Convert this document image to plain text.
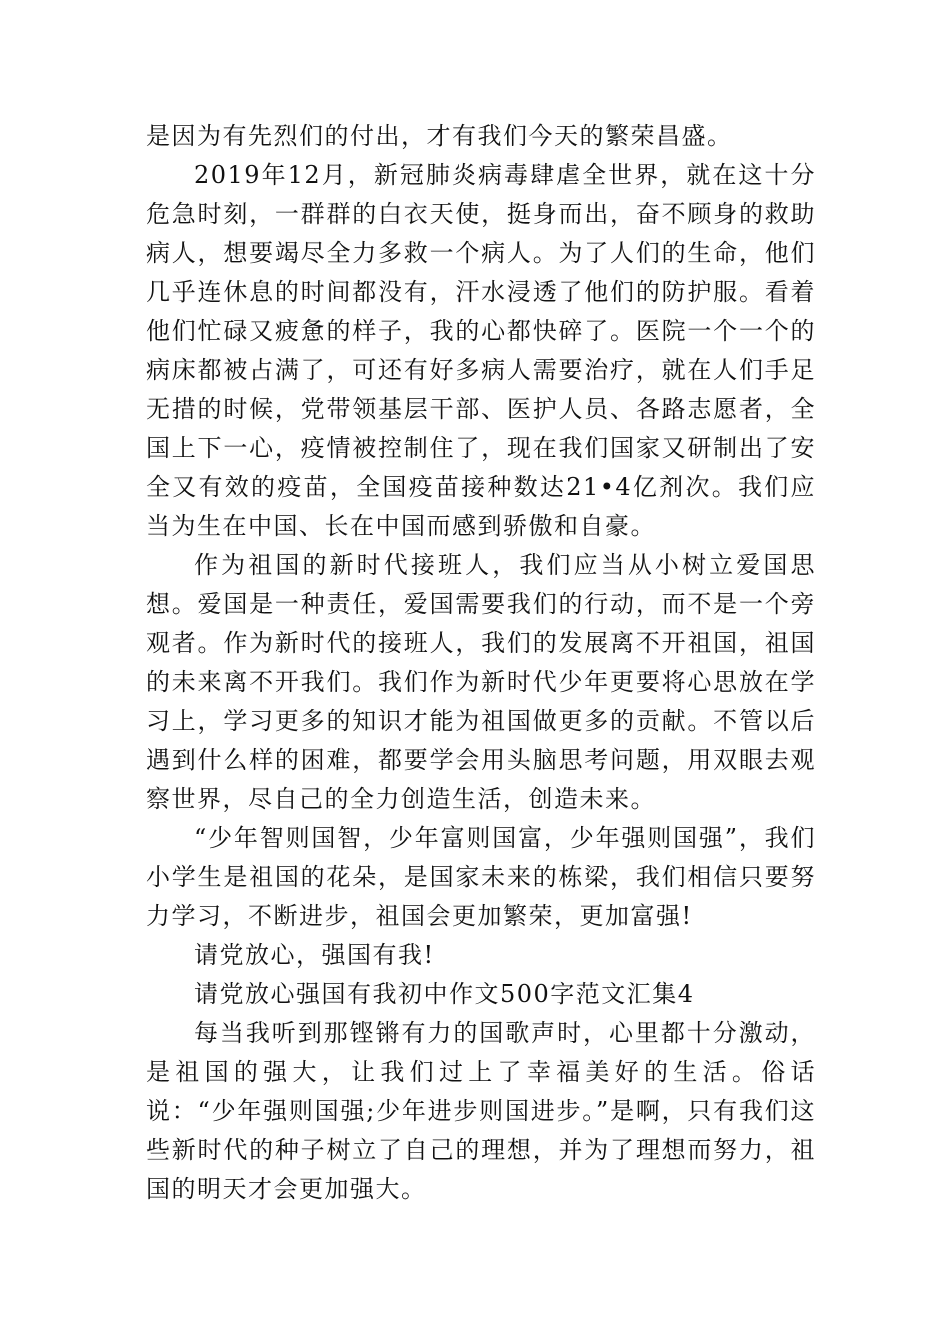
是因为有先烈们的付出，才有我们今天的繁荣昌盛。

2019年12月，新冠肺炎病毒肆虐全世界，就在这十分危急时刻，一群群的白衣天使，挺身而出，奋不顾身的救助病人，想要竭尽全力多救一个病人。为了人们的生命，他们几乎连休息的时间都没有，汗水浸透了他们的防护服。看着他们忙碌又疲惫的样子，我的心都快碎了。医院一个一个的病床都被占满了，可还有好多病人需要治疗，就在人们手足无措的时候，党带领基层干部、医护人员、各路志愿者，全国上下一心，疫情被控制住了，现在我们国家又研制出了安全又有效的疫苗，全国疫苗接种数达21•4亿剂次。我们应当为生在中国、长在中国而感到骄傲和自豪。

作为祖国的新时代接班人，我们应当从小树立爱国思想。爱国是一种责任，爱国需要我们的行动，而不是一个旁观者。作为新时代的接班人，我们的发展离不开祖国，祖国的未来离不开我们。我们作为新时代少年更要将心思放在学习上，学习更多的知识才能为祖国做更多的贡献。不管以后遇到什么样的困难，都要学会用头脑思考问题，用双眼去观察世界，尽自己的全力创造生活，创造未来。

“少年智则国智，少年富则国富，少年强则国强”，我们小学生是祖国的花朵，是国家未来的栋梁，我们相信只要努力学习，不断进步，祖国会更加繁荣，更加富强!

请党放心，强国有我!

请党放心强国有我初中作文500字范文汇集4

每当我听到那铿锵有力的国歌声时，心里都十分激动，是祖国的强大，让我们过上了幸福美好的生活。俗话说：“少年强则国强;少年进步则国进步。”是啊，只有我们这些新时代的种子树立了自己的理想，并为了理想而努力，祖国的明天才会更加强大。
